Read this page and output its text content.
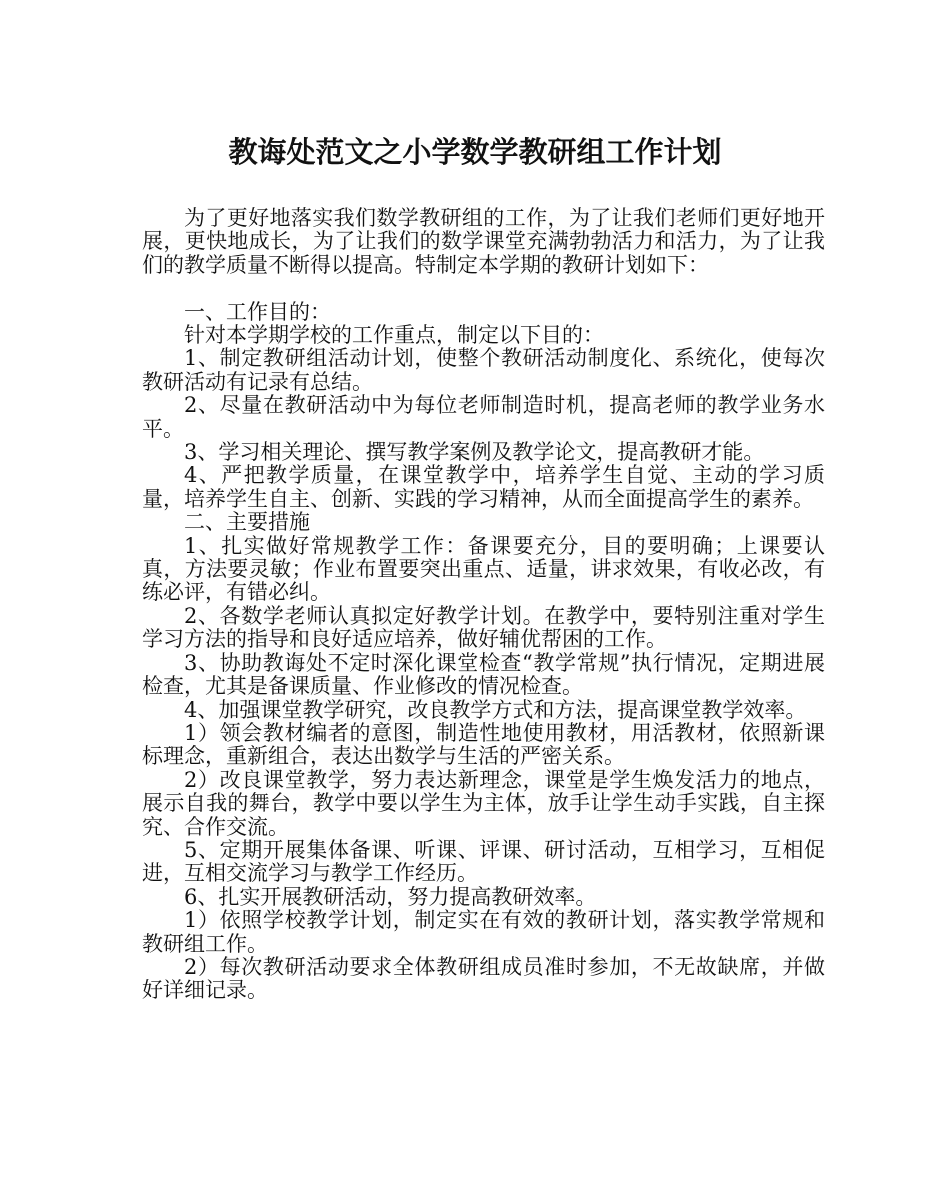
教诲处范文之小学数学教研组工作计划

为了更好地落实我们数学教研组的工作，为了让我们老师们更好地开展，更快地成长，为了让我们的数学课堂充满勃勃活力和活力，为了让我们的教学质量不断得以提高。特制定本学期的教研计划如下：

一、工作目的：

针对本学期学校的工作重点，制定以下目的：

1、制定教研组活动计划，使整个教研活动制度化、系统化，使每次教研活动有记录有总结。

2、尽量在教研活动中为每位老师制造时机，提高老师的教学业务水平。

3、学习相关理论、撰写教学案例及教学论文，提高教研才能。

4、严把教学质量，在课堂教学中，培养学生自觉、主动的学习质量，培养学生自主、创新、实践的学习精神，从而全面提高学生的素养。

二、主要措施

1、扎实做好常规教学工作：备课要充分，目的要明确；上课要认真，方法要灵敏；作业布置要突出重点、适量，讲求效果，有收必改，有练必评，有错必纠。

2、各数学老师认真拟定好教学计划。在教学中，要特别注重对学生学习方法的指导和良好适应培养，做好辅优帮困的工作。

3、协助教诲处不定时深化课堂检查“教学常规”执行情况，定期进展检查，尤其是备课质量、作业修改的情况检查。

4、加强课堂教学研究，改良教学方式和方法，提高课堂教学效率。

1）领会教材编者的意图，制造性地使用教材，用活教材，依照新课标理念，重新组合，表达出数学与生活的严密关系。

2）改良课堂教学，努力表达新理念，课堂是学生焕发活力的地点，展示自我的舞台，教学中要以学生为主体，放手让学生动手实践，自主探究、合作交流。

5、定期开展集体备课、听课、评课、研讨活动，互相学习，互相促进，互相交流学习与教学工作经历。

6、扎实开展教研活动，努力提高教研效率。

1）依照学校教学计划，制定实在有效的教研计划，落实教学常规和教研组工作。

2）每次教研活动要求全体教研组成员准时参加，不无故缺席，并做好详细记录。
